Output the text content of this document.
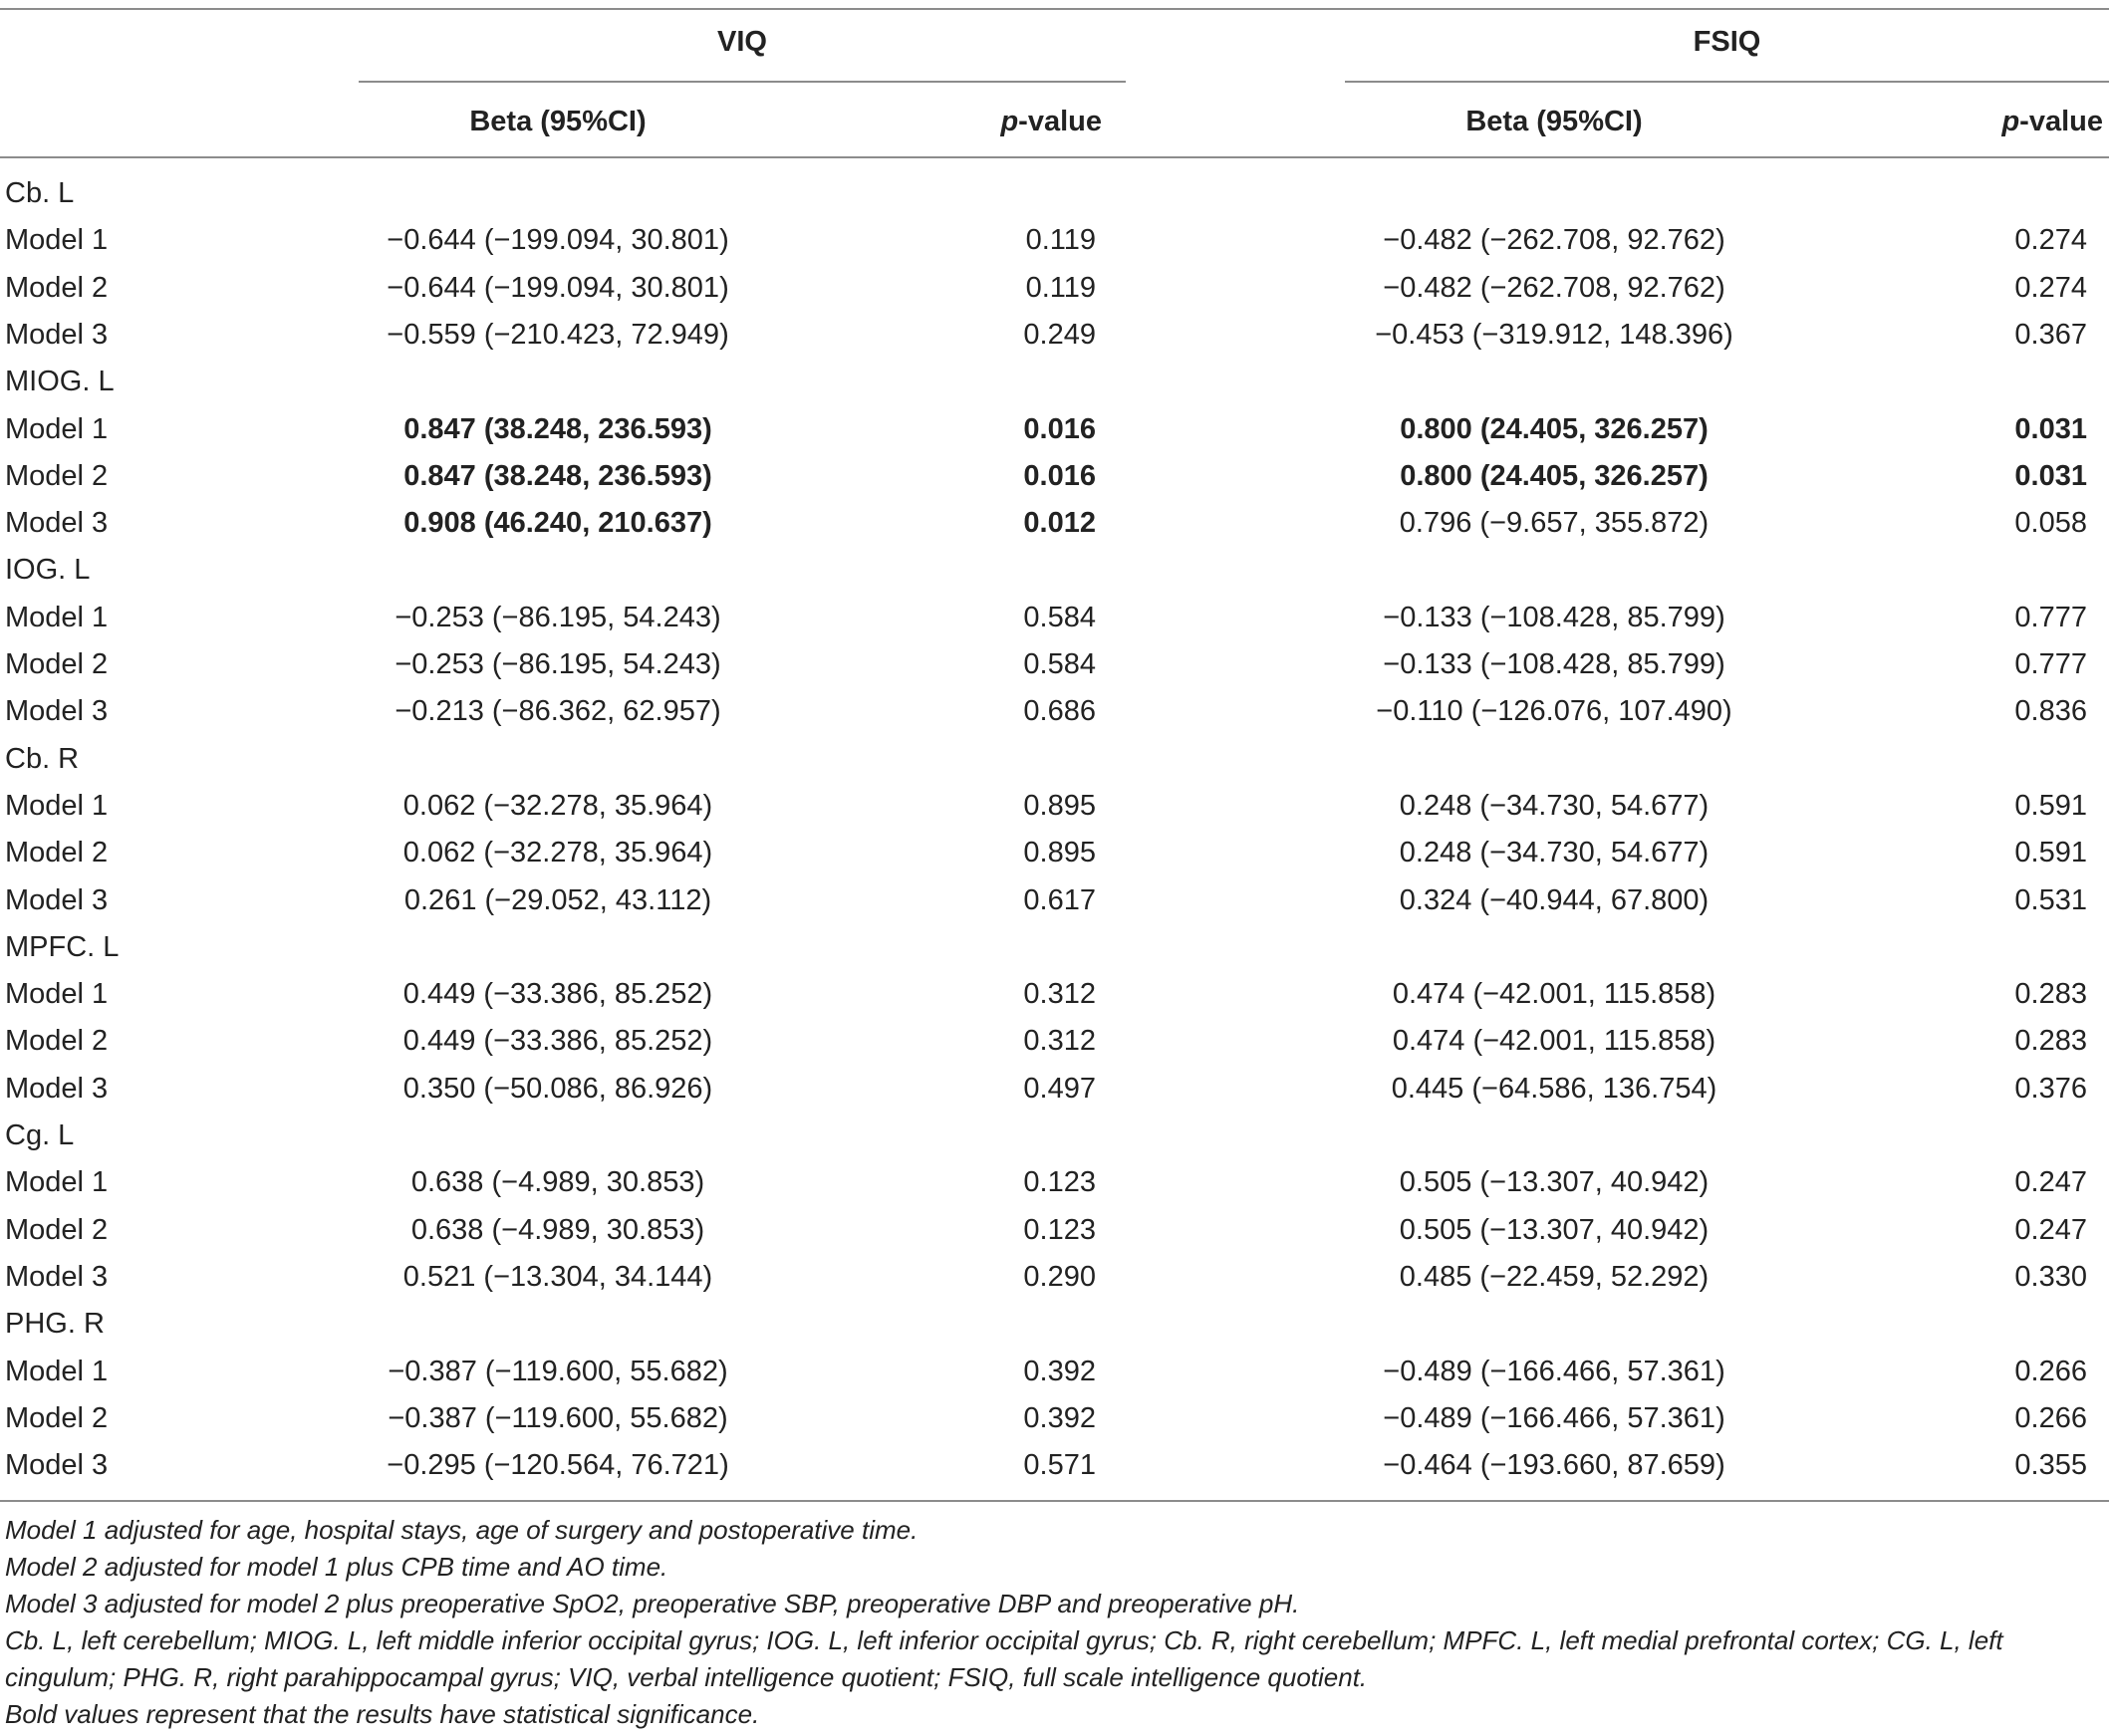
VIQ	FSIQ
Beta (95%CI)	p-value	Beta (95%CI)	p-value
Cb. L
Model 1	−0.644 (−199.094, 30.801)	0.119	−0.482 (−262.708, 92.762)	0.274
Model 2	−0.644 (−199.094, 30.801)	0.119	−0.482 (−262.708, 92.762)	0.274
Model 3	−0.559 (−210.423, 72.949)	0.249	−0.453 (−319.912, 148.396)	0.367
MIOG. L
Model 1	0.847 (38.248, 236.593)	0.016	0.800 (24.405, 326.257)	0.031
Model 2	0.847 (38.248, 236.593)	0.016	0.800 (24.405, 326.257)	0.031
Model 3	0.908 (46.240, 210.637)	0.012	0.796 (−9.657, 355.872)	0.058
IOG. L
Model 1	−0.253 (−86.195, 54.243)	0.584	−0.133 (−108.428, 85.799)	0.777
Model 2	−0.253 (−86.195, 54.243)	0.584	−0.133 (−108.428, 85.799)	0.777
Model 3	−0.213 (−86.362, 62.957)	0.686	−0.110 (−126.076, 107.490)	0.836
Cb. R
Model 1	0.062 (−32.278, 35.964)	0.895	0.248 (−34.730, 54.677)	0.591
Model 2	0.062 (−32.278, 35.964)	0.895	0.248 (−34.730, 54.677)	0.591
Model 3	0.261 (−29.052, 43.112)	0.617	0.324 (−40.944, 67.800)	0.531
MPFC. L
Model 1	0.449 (−33.386, 85.252)	0.312	0.474 (−42.001, 115.858)	0.283
Model 2	0.449 (−33.386, 85.252)	0.312	0.474 (−42.001, 115.858)	0.283
Model 3	0.350 (−50.086, 86.926)	0.497	0.445 (−64.586, 136.754)	0.376
Cg. L
Model 1	0.638 (−4.989, 30.853)	0.123	0.505 (−13.307, 40.942)	0.247
Model 2	0.638 (−4.989, 30.853)	0.123	0.505 (−13.307, 40.942)	0.247
Model 3	0.521 (−13.304, 34.144)	0.290	0.485 (−22.459, 52.292)	0.330
PHG. R
Model 1	−0.387 (−119.600, 55.682)	0.392	−0.489 (−166.466, 57.361)	0.266
Model 2	−0.387 (−119.600, 55.682)	0.392	−0.489 (−166.466, 57.361)	0.266
Model 3	−0.295 (−120.564, 76.721)	0.571	−0.464 (−193.660, 87.659)	0.355
Model 1 adjusted for age, hospital stays, age of surgery and postoperative time.
Model 2 adjusted for model 1 plus CPB time and AO time.
Model 3 adjusted for model 2 plus preoperative SpO2, preoperative SBP, preoperative DBP and preoperative pH.
Cb. L, left cerebellum; MIOG. L, left middle inferior occipital gyrus; IOG. L, left inferior occipital gyrus; Cb. R, right cerebellum; MPFC. L, left medial prefrontal cortex; CG. L, left cingulum; PHG. R, right parahippocampal gyrus; VIQ, verbal intelligence quotient; FSIQ, full scale intelligence quotient.
Bold values represent that the results have statistical significance.
